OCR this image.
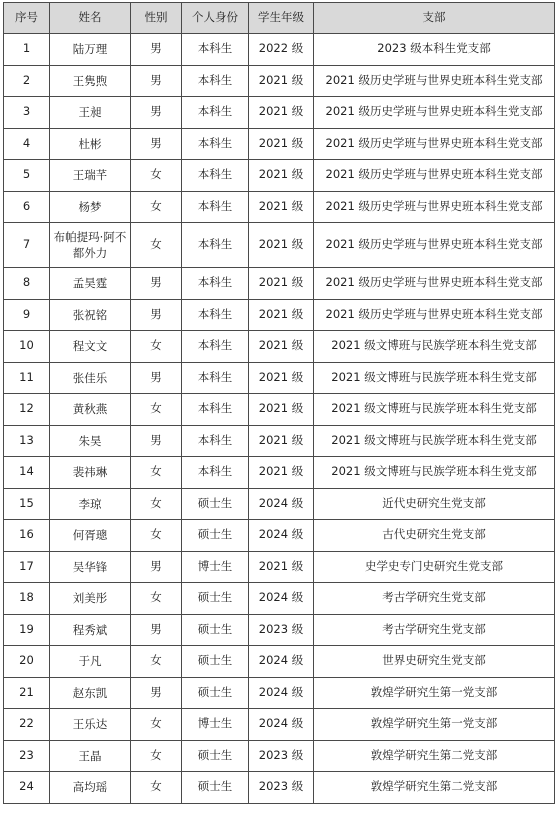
序号	姓名	性别	个人身份	学生年级	支部
1	陆万理	男	本科生	2022 级	2023 级本科生党支部
2	王隽煦	男	本科生	2021 级	2021 级历史学班与世界史班本科生党支部
3	王昶	男	本科生	2021 级	2021 级历史学班与世界史班本科生党支部
4	杜彬	男	本科生	2021 级	2021 级历史学班与世界史班本科生党支部
5	王瑞芊	女	本科生	2021 级	2021 级历史学班与世界史班本科生党支部
6	杨梦	女	本科生	2021 级	2021 级历史学班与世界史班本科生党支部
7	布帕提玛·阿不都外力	女	本科生	2021 级	2021 级历史学班与世界史班本科生党支部
8	孟昊霆	男	本科生	2021 级	2021 级历史学班与世界史班本科生党支部
9	张祝铭	男	本科生	2021 级	2021 级历史学班与世界史班本科生党支部
10	程文文	女	本科生	2021 级	2021 级文博班与民族学班本科生党支部
11	张佳乐	男	本科生	2021 级	2021 级文博班与民族学班本科生党支部
12	黄秋燕	女	本科生	2021 级	2021 级文博班与民族学班本科生党支部
13	朱昊	男	本科生	2021 级	2021 级文博班与民族学班本科生党支部
14	裴祎琳	女	本科生	2021 级	2021 级文博班与民族学班本科生党支部
15	李琼	女	硕士生	2024 级	近代史研究生党支部
16	何胥璁	女	硕士生	2024 级	古代史研究生党支部
17	吴华锋	男	博士生	2021 级	史学史专门史研究生党支部
18	刘美彤	女	硕士生	2024 级	考古学研究生党支部
19	程秀斌	男	硕士生	2023 级	考古学研究生党支部
20	于凡	女	硕士生	2024 级	世界史研究生党支部
21	赵东凯	男	硕士生	2024 级	敦煌学研究生第一党支部
22	王乐达	女	博士生	2024 级	敦煌学研究生第一党支部
23	王晶	女	硕士生	2023 级	敦煌学研究生第二党支部
24	高均瑶	女	硕士生	2023 级	敦煌学研究生第二党支部
